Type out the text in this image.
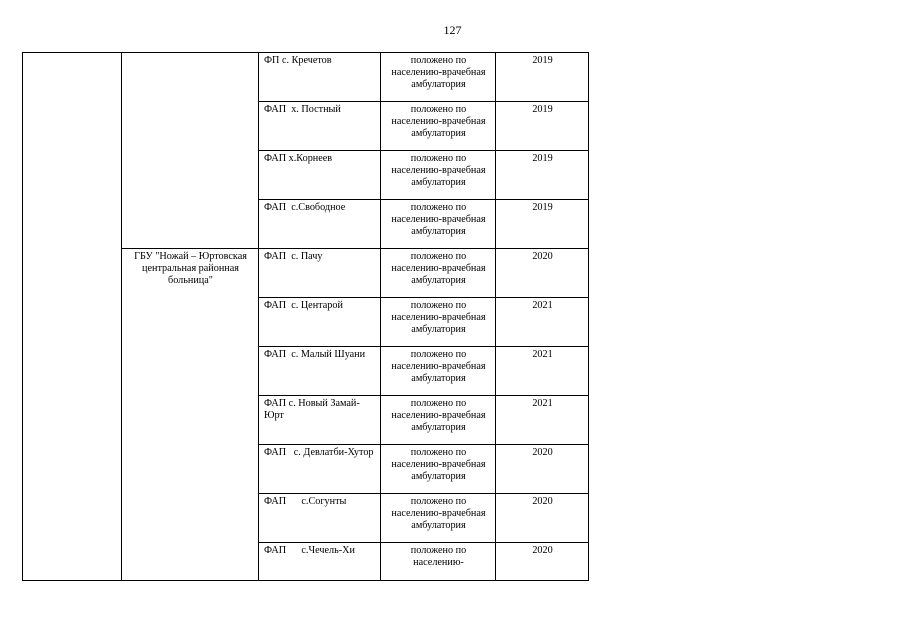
127
		ФП с. Кречетов	положено по населению-врачебная амбулатория	2019
		ФАП  х. Постный	положено по населению-врачебная амбулатория	2019
		ФАП х.Корнеев	положено по населению-врачебная амбулатория	2019
		ФАП  с.Свободное	положено по населению-врачебная амбулатория	2019
	ГБУ "Ножай – Юртовская центральная районная больница"	ФАП  с. Пачу	положено по населению-врачебная амбулатория	2020
		ФАП  с. Центарой	положено по населению-врачебная амбулатория	2021
		ФАП  с. Малый Шуани	положено по населению-врачебная амбулатория	2021
		ФАП с. Новый Замай-Юрт	положено по населению-врачебная амбулатория	2021
		ФАП   с. Девлатби-Хутор	положено по населению-врачебная амбулатория	2020
		ФАП      с.Согунты	положено по населению-врачебная амбулатория	2020
		ФАП      с.Чечель-Хи	положено по населению-	2020
